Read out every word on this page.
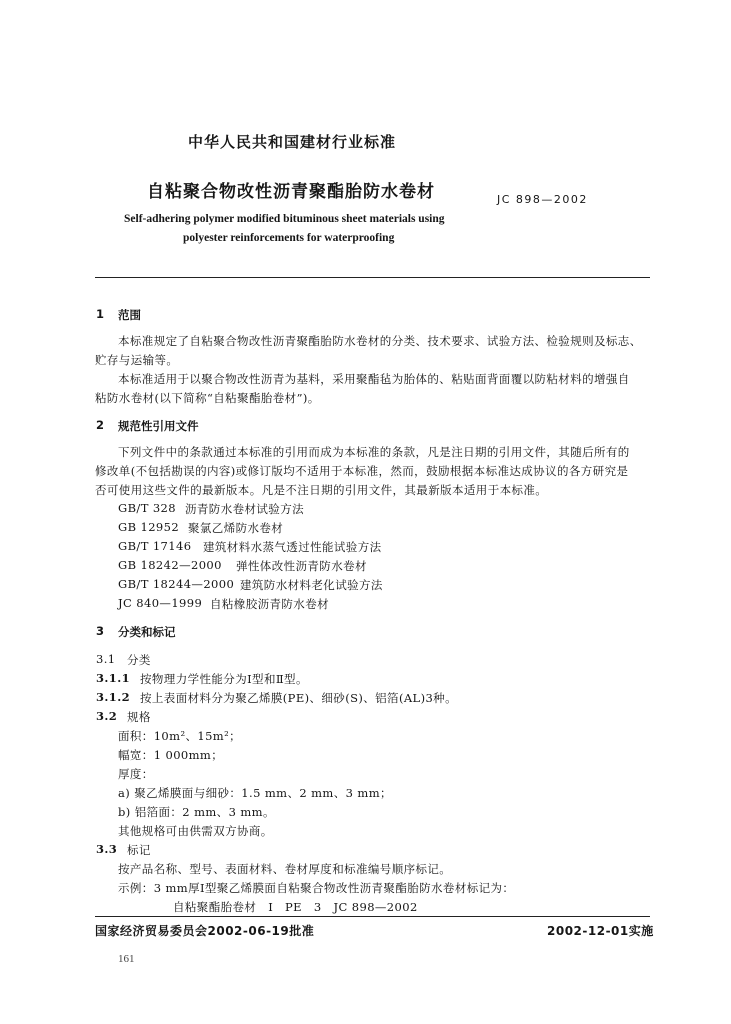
中华人民共和国建材行业标准
自粘聚合物改性沥青聚酯胎防水卷材	JC 898—2002
Self-adhering polymer modified bituminous sheet materials using
polyester reinforcements for waterproofing
1 范围
本标准规定了自粘聚合物改性沥青聚酯胎防水卷材的分类、技术要求、试验方法、检验规则及标志、
贮存与运输等。
本标准适用于以聚合物改性沥青为基料，采用聚酯毡为胎体的、粘贴面背面覆以防粘材料的增强自
粘防水卷材(以下简称“自粘聚酯胎卷材”)。
2 规范性引用文件
下列文件中的条款通过本标准的引用而成为本标准的条款，凡是注日期的引用文件，其随后所有的
修改单(不包括勘误的内容)或修订版均不适用于本标准，然而，鼓励根据本标准达成协议的各方研究是
否可使用这些文件的最新版本。凡是不注日期的引用文件，其最新版本适用于本标准。
GB/T 328 沥青防水卷材试验方法
GB 12952 聚氯乙烯防水卷材
GB/T 17146 建筑材料水蒸气透过性能试验方法
GB 18242—2000 弹性体改性沥青防水卷材
GB/T 18244—2000 建筑防水材料老化试验方法
JC 840—1999 自粘橡胶沥青防水卷材
3 分类和标记
3.1 分类
3.1.1 按物理力学性能分为Ⅰ型和Ⅱ型。
3.1.2 按上表面材料分为聚乙烯膜(PE)、细砂(S)、铝箔(AL)3种。
3.2 规格
面积：10m²、15m²；
幅宽：1 000mm；
厚度：
a) 聚乙烯膜面与细砂：1.5 mm、2 mm、3 mm；
b) 铝箔面：2 mm、3 mm。
其他规格可由供需双方协商。
3.3 标记
按产品名称、型号、表面材料、卷材厚度和标准编号顺序标记。
示例：3 mm厚Ⅰ型聚乙烯膜面自粘聚合物改性沥青聚酯胎防水卷材标记为：
自粘聚酯胎卷材　Ⅰ　PE　3　JC 898—2002
国家经济贸易委员会2002-06-19批准	2002-12-01实施
161
